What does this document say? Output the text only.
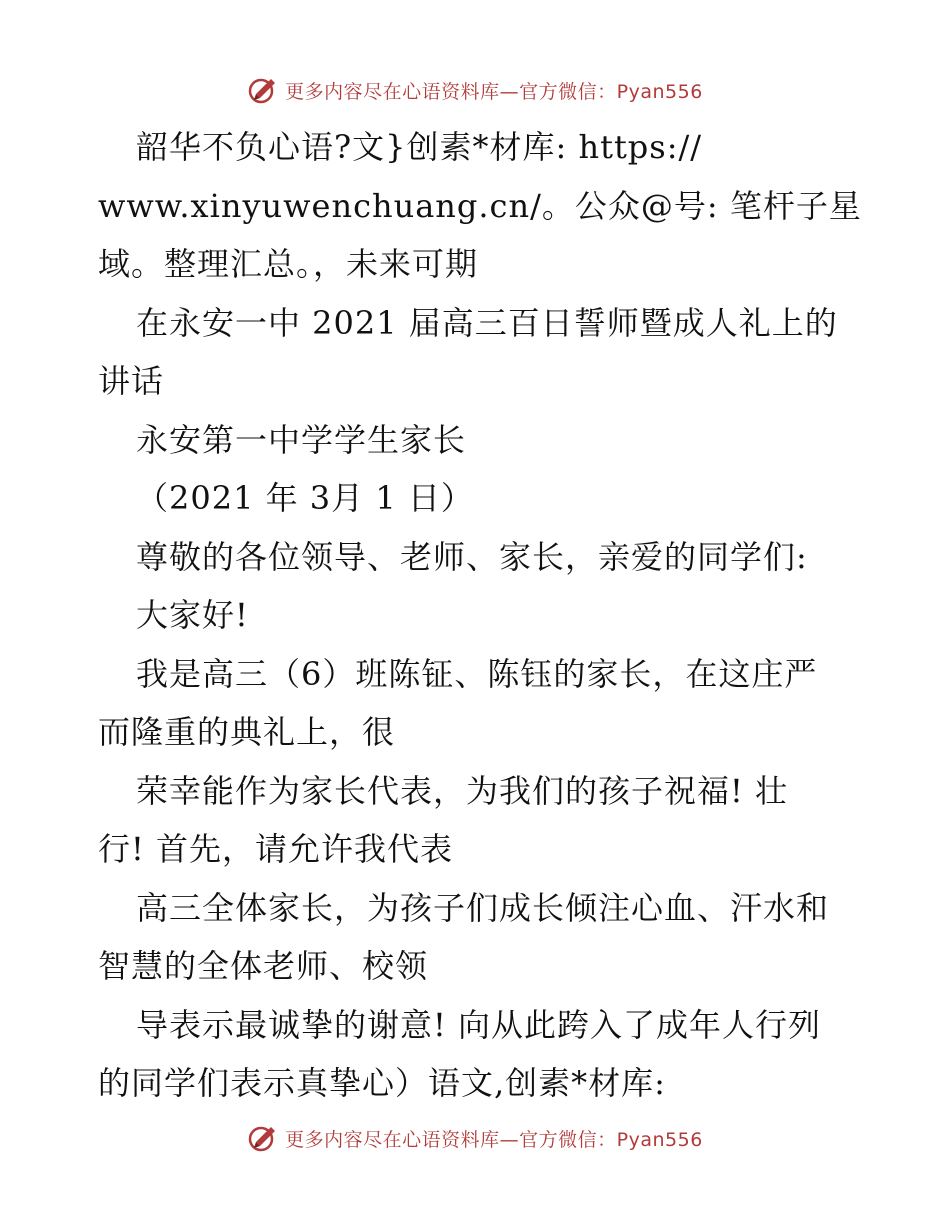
更多内容尽在心语资料库—官方微信：Pyan556
韶华不负心语?文}创素*材库: https://
www.xinyuwenchuang.cn/。公众@号: 笔杆子星
域。整理汇总。，未来可期
在永安一中 2021 届高三百日誓师暨成人礼上的
讲话
永安第一中学学生家长
（2021 年 3月 1 日）
尊敬的各位领导、老师、家长，亲爱的同学们:
大家好!
我是高三（6）班陈钲、陈钰的家长，在这庄严
而隆重的典礼上，很
荣幸能作为家长代表，为我们的孩子祝福! 壮
行! 首先，请允许我代表
高三全体家长，为孩子们成长倾注心血、汗水和
智慧的全体老师、校领
导表示最诚挚的谢意! 向从此跨入了成年人行列
的同学们表示真挚心）语文,创素*材库:
更多内容尽在心语资料库—官方微信：Pyan556
